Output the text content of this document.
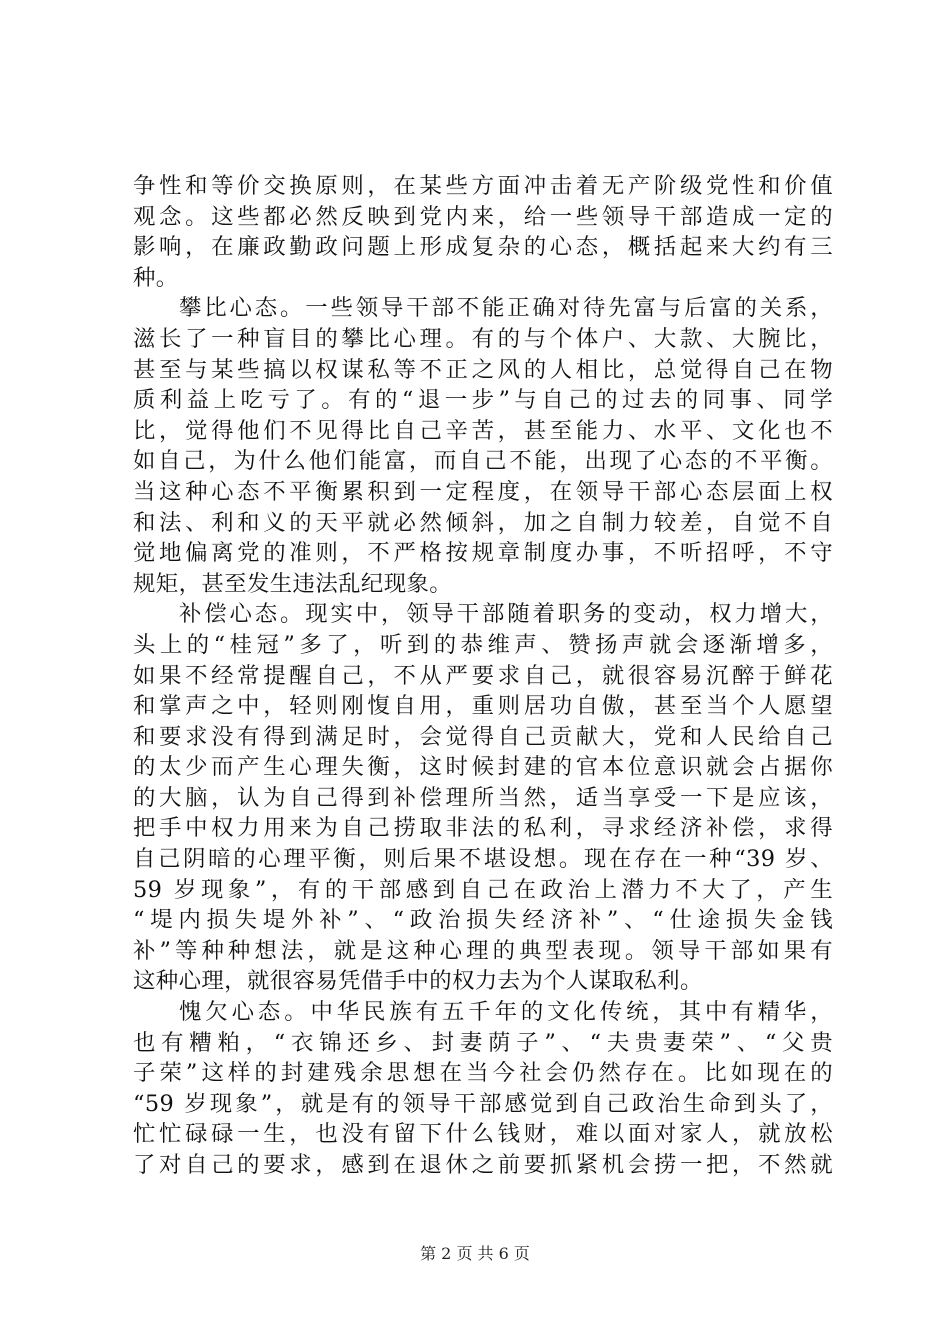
争性和等价交换原则，在某些方面冲击着无产阶级党性和价值
观念。这些都必然反映到党内来，给一些领导干部造成一定的
影响，在廉政勤政问题上形成复杂的心态，概括起来大约有三
种。
攀比心态。一些领导干部不能正确对待先富与后富的关系，
滋长了一种盲目的攀比心理。有的与个体户、大款、大腕比，
甚至与某些搞以权谋私等不正之风的人相比，总觉得自己在物
质利益上吃亏了。有的“退一步”与自己的过去的同事、同学
比，觉得他们不见得比自己辛苦，甚至能力、水平、文化也不
如自己，为什么他们能富，而自己不能，出现了心态的不平衡。
当这种心态不平衡累积到一定程度，在领导干部心态层面上权
和法、利和义的天平就必然倾斜，加之自制力较差，自觉不自
觉地偏离党的准则，不严格按规章制度办事，不听招呼，不守
规矩，甚至发生违法乱纪现象。
补偿心态。现实中，领导干部随着职务的变动，权力增大，
头上的“桂冠”多了，听到的恭维声、赞扬声就会逐渐增多，
如果不经常提醒自己，不从严要求自己，就很容易沉醉于鲜花
和掌声之中，轻则刚愎自用，重则居功自傲，甚至当个人愿望
和要求没有得到满足时，会觉得自己贡献大，党和人民给自己
的太少而产生心理失衡，这时候封建的官本位意识就会占据你
的大脑，认为自己得到补偿理所当然，适当享受一下是应该，
把手中权力用来为自己捞取非法的私利，寻求经济补偿，求得
自己阴暗的心理平衡，则后果不堪设想。现在存在一种“39 岁、
59 岁现象”，有的干部感到自己在政治上潜力不大了，产生
“堤内损失堤外补”、“政治损失经济补”、“仕途损失金钱
补”等种种想法，就是这种心理的典型表现。领导干部如果有
这种心理，就很容易凭借手中的权力去为个人谋取私利。
愧欠心态。中华民族有五千年的文化传统，其中有精华，
也有糟粕，“衣锦还乡、封妻荫子”、“夫贵妻荣”、“父贵
子荣”这样的封建残余思想在当今社会仍然存在。比如现在的
“59 岁现象”，就是有的领导干部感觉到自己政治生命到头了，
忙忙碌碌一生，也没有留下什么钱财，难以面对家人，就放松
了对自己的要求，感到在退休之前要抓紧机会捞一把，不然就
第 2 页 共 6 页
